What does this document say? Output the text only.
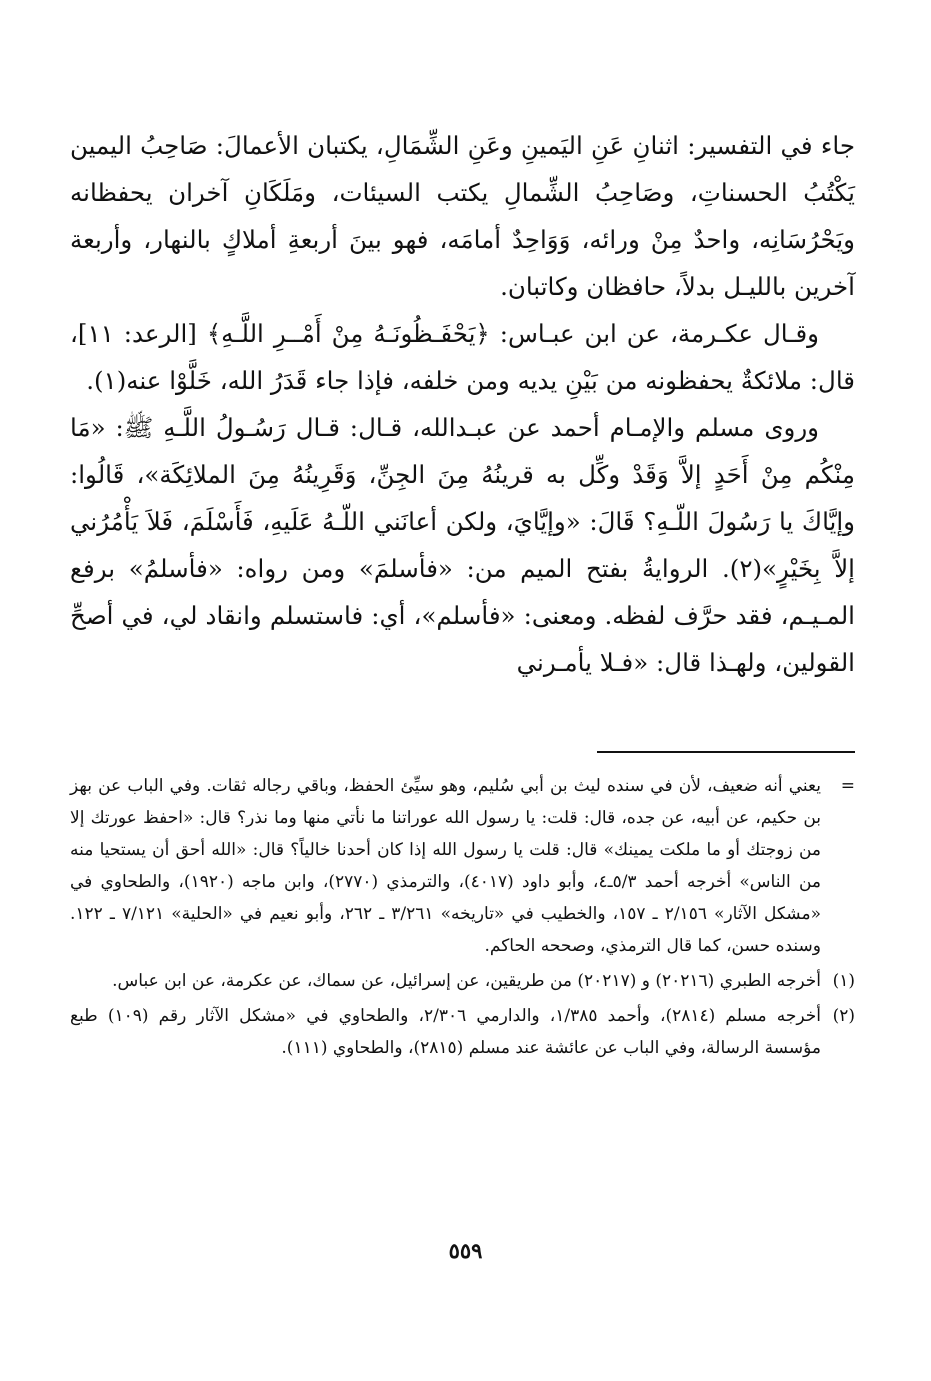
جاء في التفسير: اثنانِ عَنِ اليَمينِ وعَنِ الشِّمَالِ، يكتبان الأعمالَ: صَاحِبُ اليمين يَكْتُبُ الحسناتِ، وصَاحِبُ الشِّمالِ يكتب السيئات، ومَلَكَانِ آخران يحفظانه ويَحْرُسَانِه، واحدٌ مِنْ ورائه، وَوَاحِدٌ أمامَه، فهو بينَ أربعةِ أملاكٍ بالنهار، وأربعة آخرين بالليـل بدلاً، حافظان وكاتبان.

وقـال عكـرمة، عن ابن عبـاس: ﴿يَحْفَـظُونَـهُ مِنْ أَمْــرِ اللَّـهِ﴾ [الرعد: ١١]، قال: ملائكةٌ يحفظونه من بَيْنِ يديه ومن خلفه، فإذا جاء قَدَرُ الله، خَلَّوْا عنه(١).

وروى مسلم والإمـام أحمد عن عبـدالله، قـال: قـال رَسُـولُ اللَّـهِ ﷺ: «مَا مِنْكُم مِنْ أَحَدٍ إلاَّ وَقَدْ وكِّل به قرينُهُ مِنَ الجِنِّ، وَقَرِينُهُ مِنَ الملائِكَة»، قَالُوا: وإيَّاكَ يا رَسُولَ اللّـهِ؟ قَالَ: «وإيَّايَ، ولكن أعانَني اللّـهُ عَلَيهِ، فَأَسْلَمَ، فَلاَ يَأْمُرُني إلاَّ بِخَيْرٍ»(٢). الروايةُ بفتح الميم من: «فأسلمَ» ومن رواه: «فأسلمُ» برفع المـيـم، فقد حرَّف لفظه. ومعنى: «فأسلم»، أي: فاستسلم وانقاد لي، في أصحِّ القولين، ولهـذا قال: «فـلا يأمـرني

=
يعني أنه ضعيف، لأن في سنده ليث بن أبي سُليم، وهو سيِّئ الحفظ، وباقي رجاله ثقات. وفي الباب عن بهز بن حكيم، عن أبيه، عن جده، قال: قلت: يا رسول الله عوراتنا ما نأتي منها وما نذر؟ قال: «احفظ عورتك إلا من زوجتك أو ما ملكت يمينك» قال: قلت يا رسول الله إذا كان أحدنا خالياً؟ قال: «الله أحق أن يستحيا منه من الناس» أخرجه أحمد ٥/٣ـ٤، وأبو داود (٤٠١٧)، والترمذي (٢٧٧٠)، وابن ماجه (١٩٢٠)، والطحاوي في «مشكل الآثار» ٢/١٥٦ ـ ١٥٧، والخطيب في «تاريخه» ٣/٢٦١ ـ ٢٦٢، وأبو نعيم في «الحلية» ٧/١٢١ ـ ١٢٢. وسنده حسن، كما قال الترمذي، وصححه الحاكم.
(١)
أخرجه الطبري (٢٠٢١٦) و (٢٠٢١٧) من طريقين، عن إسرائيل، عن سماك، عن عكرمة، عن ابن عباس.
(٢)
أخرجه مسلم (٢٨١٤)، وأحمد ١/٣٨٥، والدارمي ٢/٣٠٦، والطحاوي في «مشكل الآثار رقم (١٠٩) طبع مؤسسة الرسالة، وفي الباب عن عائشة عند مسلم (٢٨١٥)، والطحاوي (١١١).
٥٥٩
